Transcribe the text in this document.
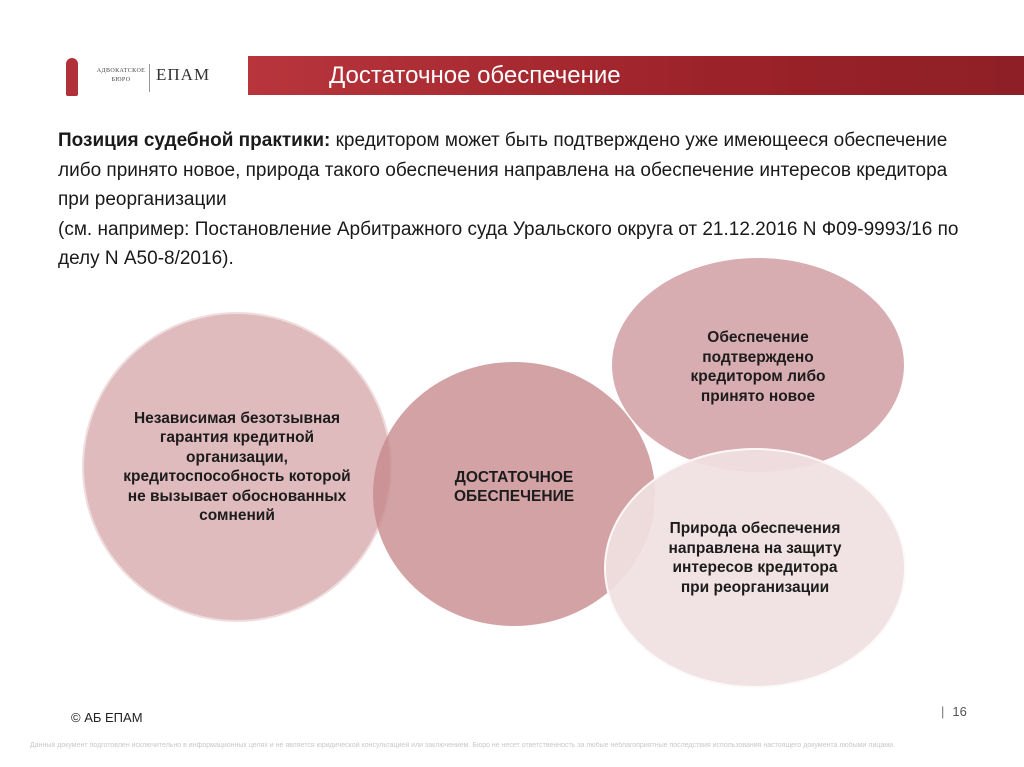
АДВОКАТСКОЕ
БЮРО	ЕПАМ	Достаточное обеспечение
Позиция судебной практики: кредитором может быть подтверждено уже имеющееся обеспечение либо принято новое, природа такого обеспечения направлена на обеспечение интересов кредитора при реорганизации
(см. например: Постановление Арбитражного суда Уральского округа от 21.12.2016 N Ф09-9993/16 по делу N А50-8/2016).
Независимая безотзывная гарантия кредитной организации, кредитоспособность которой не вызывает обоснованных сомнений
ДОСТАТОЧНОЕ ОБЕСПЕЧЕНИЕ
Обеспечение подтверждено кредитором либо принято новое
Природа обеспечения направлена на защиту интересов кредитора при реорганизации
© АБ ЕПАМ	| 16
Данный документ подготовлен исключительно в информационных целях и не является юридической консультацией или заключением. Бюро не несет ответственность за любые неблагоприятные последствия использования настоящего документа любыми лицами.
